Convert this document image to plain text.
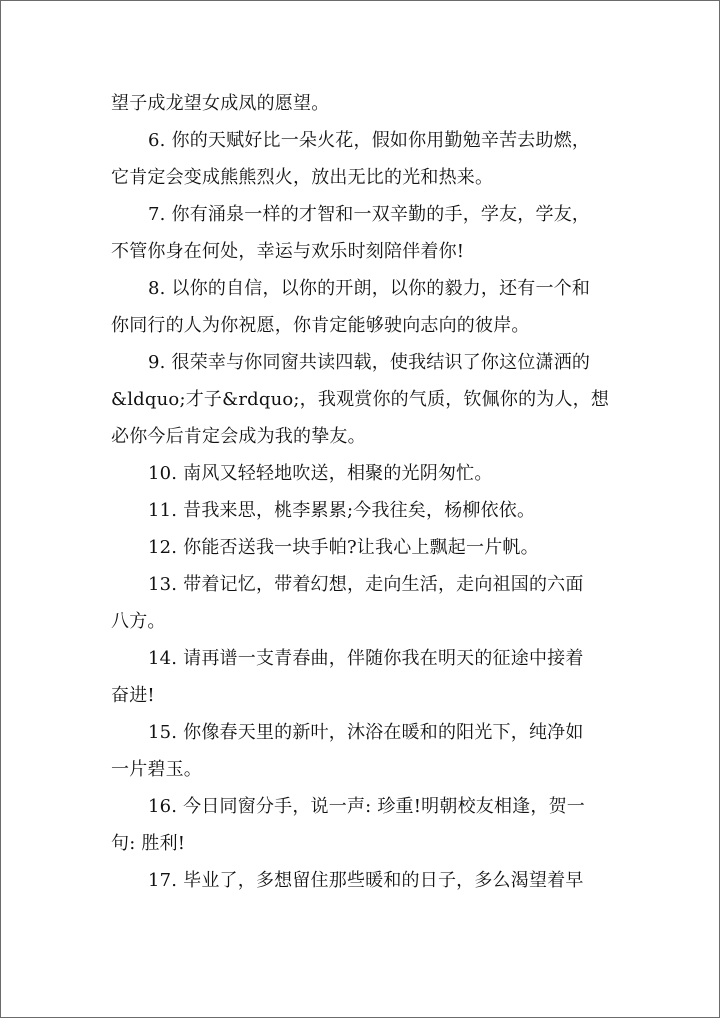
望子成龙望女成凤的愿望。
6. 你的天赋好比一朵火花，假如你用勤勉辛苦去助燃，
它肯定会变成熊熊烈火，放出无比的光和热来。
7. 你有涌泉一样的才智和一双辛勤的手，学友，学友，
不管你身在何处，幸运与欢乐时刻陪伴着你!
8. 以你的自信，以你的开朗，以你的毅力，还有一个和
你同行的人为你祝愿，你肯定能够驶向志向的彼岸。
9. 很荣幸与你同窗共读四载，使我结识了你这位潇洒的
&ldquo;才子&rdquo;，我观赏你的气质，钦佩你的为人，想
必你今后肯定会成为我的挚友。
10. 南风又轻轻地吹送，相聚的光阴匆忙。
11. 昔我来思，桃李累累;今我往矣，杨柳依依。
12. 你能否送我一块手帕?让我心上飘起一片帆。
13. 带着记忆，带着幻想，走向生活，走向祖国的六面
八方。
14. 请再谱一支青春曲，伴随你我在明天的征途中接着
奋进!
15. 你像春天里的新叶，沐浴在暖和的阳光下，纯净如
一片碧玉。
16. 今日同窗分手，说一声: 珍重!明朝校友相逢，贺一
句: 胜利!
17. 毕业了，多想留住那些暖和的日子，多么渴望着早
